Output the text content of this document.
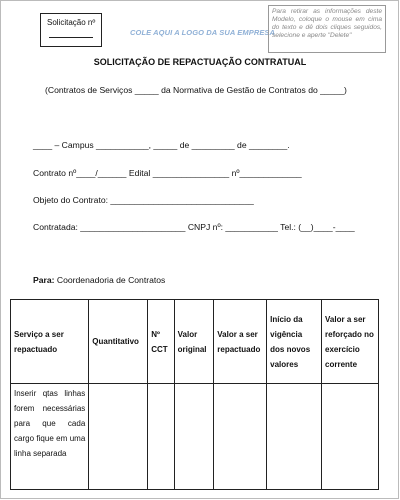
Solicitação nº
COLE AQUI A LOGO DA SUA EMPRESA
Para retirar as informações deste Modelo, coloque o mouse em cima do texto e dê dois cliques seguidos, selecione e aperte "Delete"
SOLICITAÇÃO DE REPACTUAÇÃO CONTRATUAL
(Contratos de Serviços _____ da Normativa de Gestão de Contratos do _____)
____ – Campus ___________, _____ de _________ de ________.
Contrato nº____/______ Edital ________________ nº_____________
Objeto do Contrato: ______________________________
Contratada: ______________________ CNPJ nº: ___________ Tel.: (__)____-____
Para: Coordenadoria de Contratos
Serviço a ser repactuado	Quantitativo	Nº CCT	Valor original	Valor a ser repactuado	Início da vigência dos novos valores	Valor a ser reforçado no exercício corrente
Inserir qtas linhas forem necessárias para que cada cargo fique em uma linha separada						
